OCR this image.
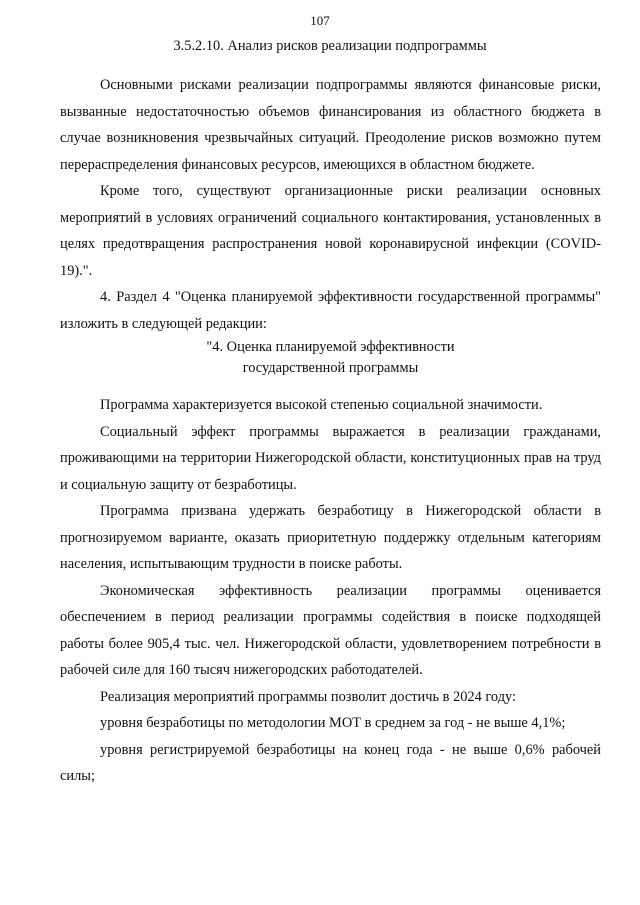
107
3.5.2.10. Анализ рисков реализации подпрограммы

Основными рисками реализации подпрограммы являются финансовые риски, вызванные недостаточностью объемов финансирования из областного бюджета в случае возникновения чрезвычайных ситуаций. Преодоление рисков возможно путем перераспределения финансовых ресурсов, имеющихся в областном бюджете.

Кроме того, существуют организационные риски реализации основных мероприятий в условиях ограничений социального контактирования, установленных в целях предотвращения распространения новой коронавирусной инфекции (COVID-19).".

4. Раздел 4 "Оценка планируемой эффективности государственной программы" изложить в следующей редакции:

"4. Оценка планируемой эффективности
государственной программы

Программа характеризуется высокой степенью социальной значимости.

Социальный эффект программы выражается в реализации гражданами, проживающими на территории Нижегородской области, конституционных прав на труд и социальную защиту от безработицы.

Программа призвана удержать безработицу в Нижегородской области в прогнозируемом варианте, оказать приоритетную поддержку отдельным категориям населения, испытывающим трудности в поиске работы.

Экономическая эффективность реализации программы оценивается обеспечением в период реализации программы содействия в поиске подходящей работы более 905,4 тыс. чел. Нижегородской области, удовлетворением потребности в рабочей силе для 160 тысяч нижегородских работодателей.

Реализация мероприятий программы позволит достичь в 2024 году:

уровня безработицы по методологии МОТ в среднем за год - не выше 4,1%;

уровня регистрируемой безработицы на конец года - не выше 0,6% рабочей силы;
